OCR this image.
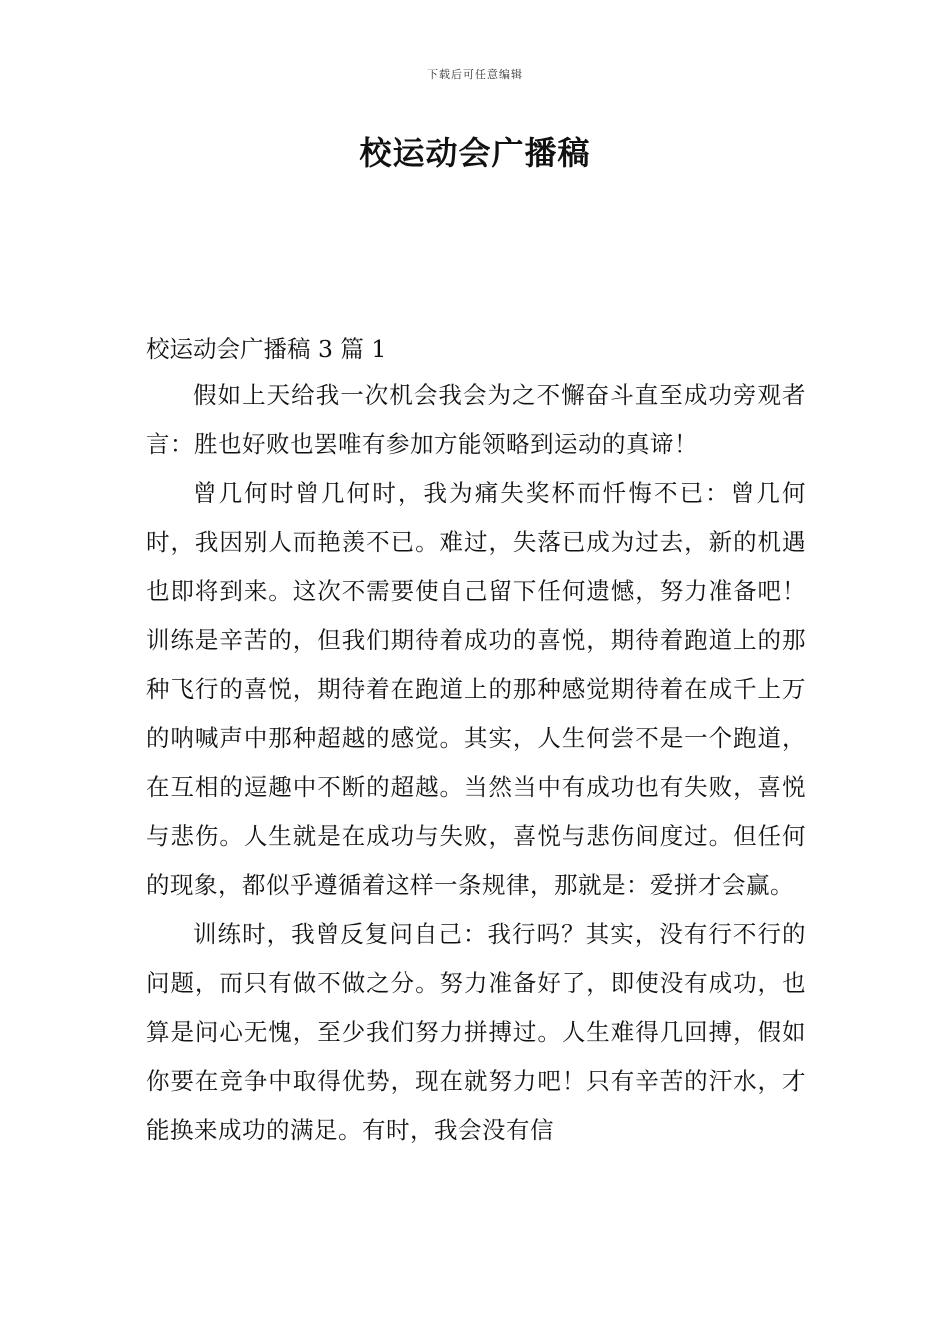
下载后可任意编辑
校运动会广播稿
校运动会广播稿 3 篇 1

假如上天给我一次机会我会为之不懈奋斗直至成功旁观者言：胜也好败也罢唯有参加方能领略到运动的真谛！

曾几何时曾几何时，我为痛失奖杯而忏悔不已：曾几何时，我因别人而艳羡不已。难过，失落已成为过去，新的机遇也即将到来。这次不需要使自己留下任何遗憾，努力准备吧！训练是辛苦的，但我们期待着成功的喜悦，期待着跑道上的那种飞行的喜悦，期待着在跑道上的那种感觉期待着在成千上万的呐喊声中那种超越的感觉。其实，人生何尝不是一个跑道，在互相的逗趣中不断的超越。当然当中有成功也有失败，喜悦与悲伤。人生就是在成功与失败，喜悦与悲伤间度过。但任何的现象，都似乎遵循着这样一条规律，那就是：爱拼才会赢。

训练时，我曾反复问自己：我行吗？其实，没有行不行的问题，而只有做不做之分。努力准备好了，即使没有成功，也算是问心无愧，至少我们努力拼搏过。人生难得几回搏，假如你要在竞争中取得优势，现在就努力吧！只有辛苦的汗水，才能换来成功的满足。有时，我会没有信
